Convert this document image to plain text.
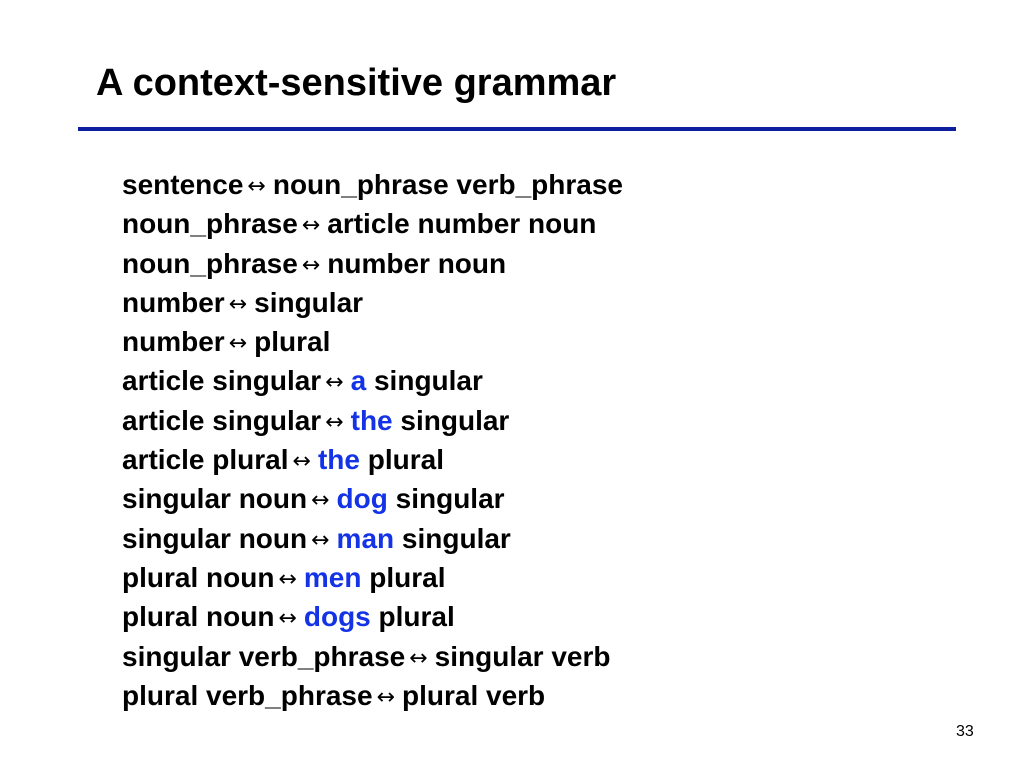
A context-sensitive grammar
sentence ↔ noun_phrase verb_phrase
noun_phrase ↔ article number noun
noun_phrase ↔ number noun
number ↔ singular
number ↔ plural
article singular ↔ a singular
article singular ↔ the singular
article plural ↔ the plural
singular noun ↔ dog singular
singular noun ↔ man singular
plural noun ↔ men plural
plural noun ↔ dogs plural
singular verb_phrase ↔ singular verb
plural verb_phrase ↔ plural verb
33
